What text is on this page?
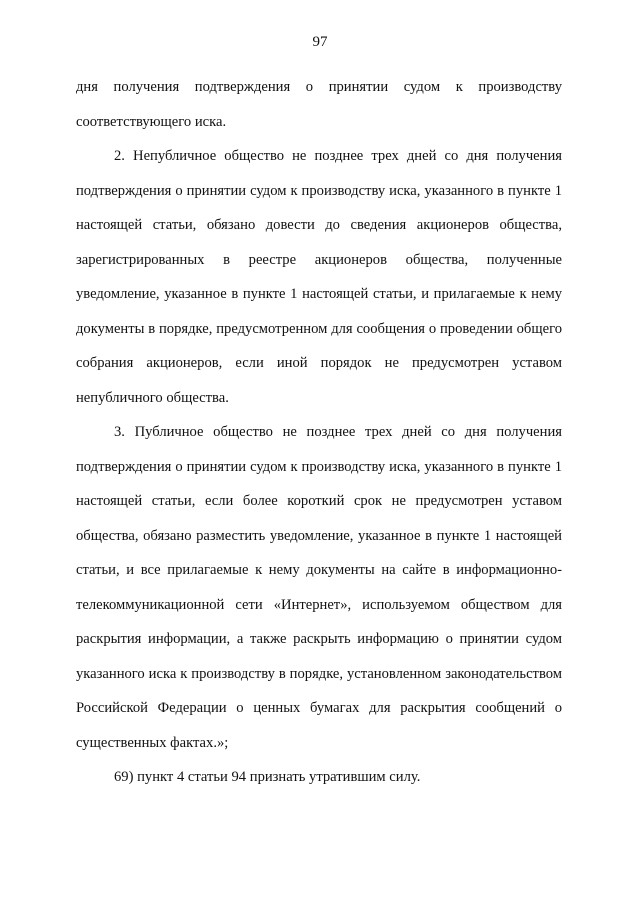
97

дня получения подтверждения о принятии судом к производству соответствующего иска.

2. Непубличное общество не позднее трех дней со дня получения подтверждения о принятии судом к производству иска, указанного в пункте 1 настоящей статьи, обязано довести до сведения акционеров общества, зарегистрированных в реестре акционеров общества, полученные уведомление, указанное в пункте 1 настоящей статьи, и прилагаемые к нему документы в порядке, предусмотренном для сообщения о проведении общего собрания акционеров, если иной порядок не предусмотрен уставом непубличного общества.

3. Публичное общество не позднее трех дней со дня получения подтверждения о принятии судом к производству иска, указанного в пункте 1 настоящей статьи, если более короткий срок не предусмотрен уставом общества, обязано разместить уведомление, указанное в пункте 1 настоящей статьи, и все прилагаемые к нему документы на сайте в информационно-телекоммуникационной сети «Интернет», используемом обществом для раскрытия информации, а также раскрыть информацию о принятии судом указанного иска к производству в порядке, установленном законодательством Российской Федерации о ценных бумагах для раскрытия сообщений о существенных фактах.»;

69) пункт 4 статьи 94 признать утратившим силу.
